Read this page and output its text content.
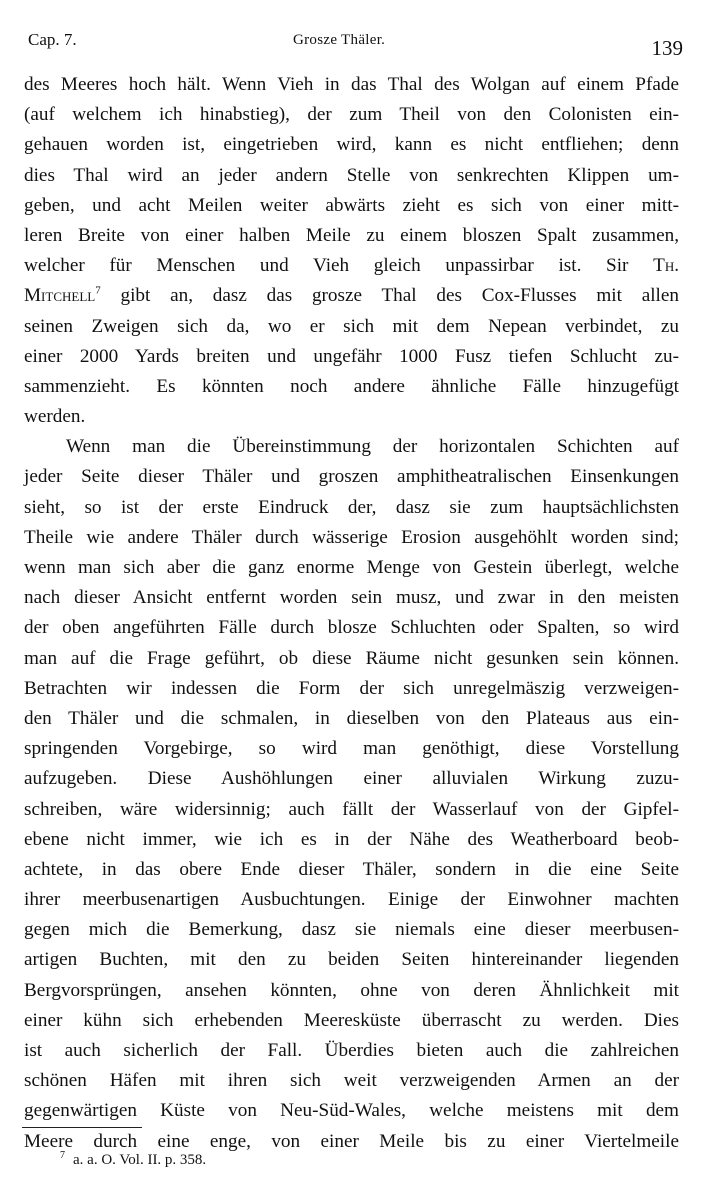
Cap. 7.	Grosze Thäler.	139
des Meeres hoch hält. Wenn Vieh in das Thal des Wolgan auf einem Pfade
(auf welchem ich hinabstieg), der zum Theil von den Colonisten ein-
gehauen worden ist, eingetrieben wird, kann es nicht entfliehen; denn
dies Thal wird an jeder andern Stelle von senkrechten Klippen um-
geben, und acht Meilen weiter abwärts zieht es sich von einer mitt-
leren Breite von einer halben Meile zu einem bloszen Spalt zusammen,
welcher für Menschen und Vieh gleich unpassirbar ist. Sir Th.
Mitchell$^7$ gibt an, dasz das grosze Thal des Cox-Flusses mit allen
seinen Zweigen sich da, wo er sich mit dem Nepean verbindet, zu
einer 2000 Yards breiten und ungefähr 1000 Fusz tiefen Schlucht zu-
sammenzieht. Es könnten noch andere ähnliche Fälle hinzugefügt
werden.
Wenn man die Übereinstimmung der horizontalen Schichten auf
jeder Seite dieser Thäler und groszen amphitheatralischen Einsenkungen
sieht, so ist der erste Eindruck der, dasz sie zum hauptsächlichsten
Theile wie andere Thäler durch wässerige Erosion ausgehöhlt worden sind;
wenn man sich aber die ganz enorme Menge von Gestein überlegt, welche
nach dieser Ansicht entfernt worden sein musz, und zwar in den meisten
der oben angeführten Fälle durch blosze Schluchten oder Spalten, so wird
man auf die Frage geführt, ob diese Räume nicht gesunken sein können.
Betrachten wir indessen die Form der sich unregelmäszig verzweigen-
den Thäler und die schmalen, in dieselben von den Plateaus aus ein-
springenden Vorgebirge, so wird man genöthigt, diese Vorstellung
aufzugeben. Diese Aushöhlungen einer alluvialen Wirkung zuzu-
schreiben, wäre widersinnig; auch fällt der Wasserlauf von der Gipfel-
ebene nicht immer, wie ich es in der Nähe des Weatherboard beob-
achtete, in das obere Ende dieser Thäler, sondern in die eine Seite
ihrer meerbusenartigen Ausbuchtungen. Einige der Einwohner machten
gegen mich die Bemerkung, dasz sie niemals eine dieser meerbusen-
artigen Buchten, mit den zu beiden Seiten hintereinander liegenden
Bergvorsprüngen, ansehen könnten, ohne von deren Ähnlichkeit mit
einer kühn sich erhebenden Meeresküste überrascht zu werden. Dies
ist auch sicherlich der Fall. Überdies bieten auch die zahlreichen
schönen Häfen mit ihren sich weit verzweigenden Armen an der
gegenwärtigen Küste von Neu-Süd-Wales, welche meistens mit dem
Meere durch eine enge, von einer Meile bis zu einer Viertelmeile
$^7$ a. a. O. Vol. II. p. 358.
